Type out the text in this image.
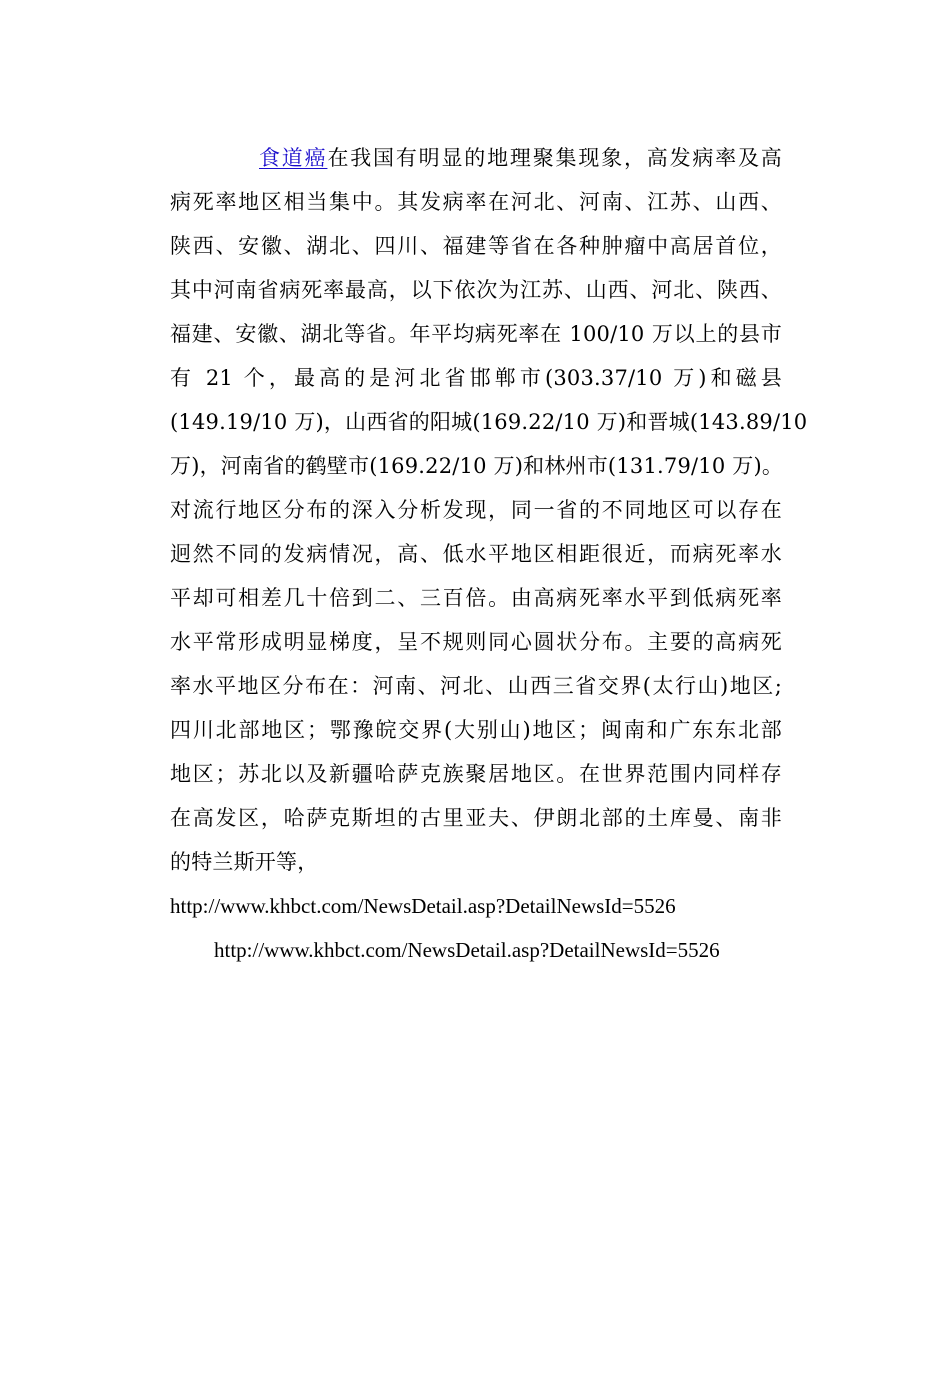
食道癌在我国有明显的地理聚集现象，高发病率及高
病死率地区相当集中。其发病率在河北、河南、江苏、山西、
陕西、安徽、湖北、四川、福建等省在各种肿瘤中高居首位，
其中河南省病死率最高，以下依次为江苏、山西、河北、陕西、
福建、安徽、湖北等省。年平均病死率在 100/10 万以上的县市
有 21 个，最高的是河北省邯郸市(303.37/10 万)和磁县
(149.19/10 万)，山西省的阳城(169.22/10 万)和晋城(143.89/10
万)，河南省的鹤壁市(169.22/10 万)和林州市(131.79/10 万)。
对流行地区分布的深入分析发现，同一省的不同地区可以存在
迥然不同的发病情况，高、低水平地区相距很近，而病死率水
平却可相差几十倍到二、三百倍。由高病死率水平到低病死率
水平常形成明显梯度，呈不规则同心圆状分布。主要的高病死
率水平地区分布在：河南、河北、山西三省交界(太行山)地区;
四川北部地区；鄂豫皖交界(大别山)地区；闽南和广东东北部
地区；苏北以及新疆哈萨克族聚居地区。在世界范围内同样存
在高发区，哈萨克斯坦的古里亚夫、伊朗北部的土库曼、南非
的特兰斯开等，
http://www.khbct.com/NewsDetail.asp?DetailNewsId=5526
http://www.khbct.com/NewsDetail.asp?DetailNewsId=5526
